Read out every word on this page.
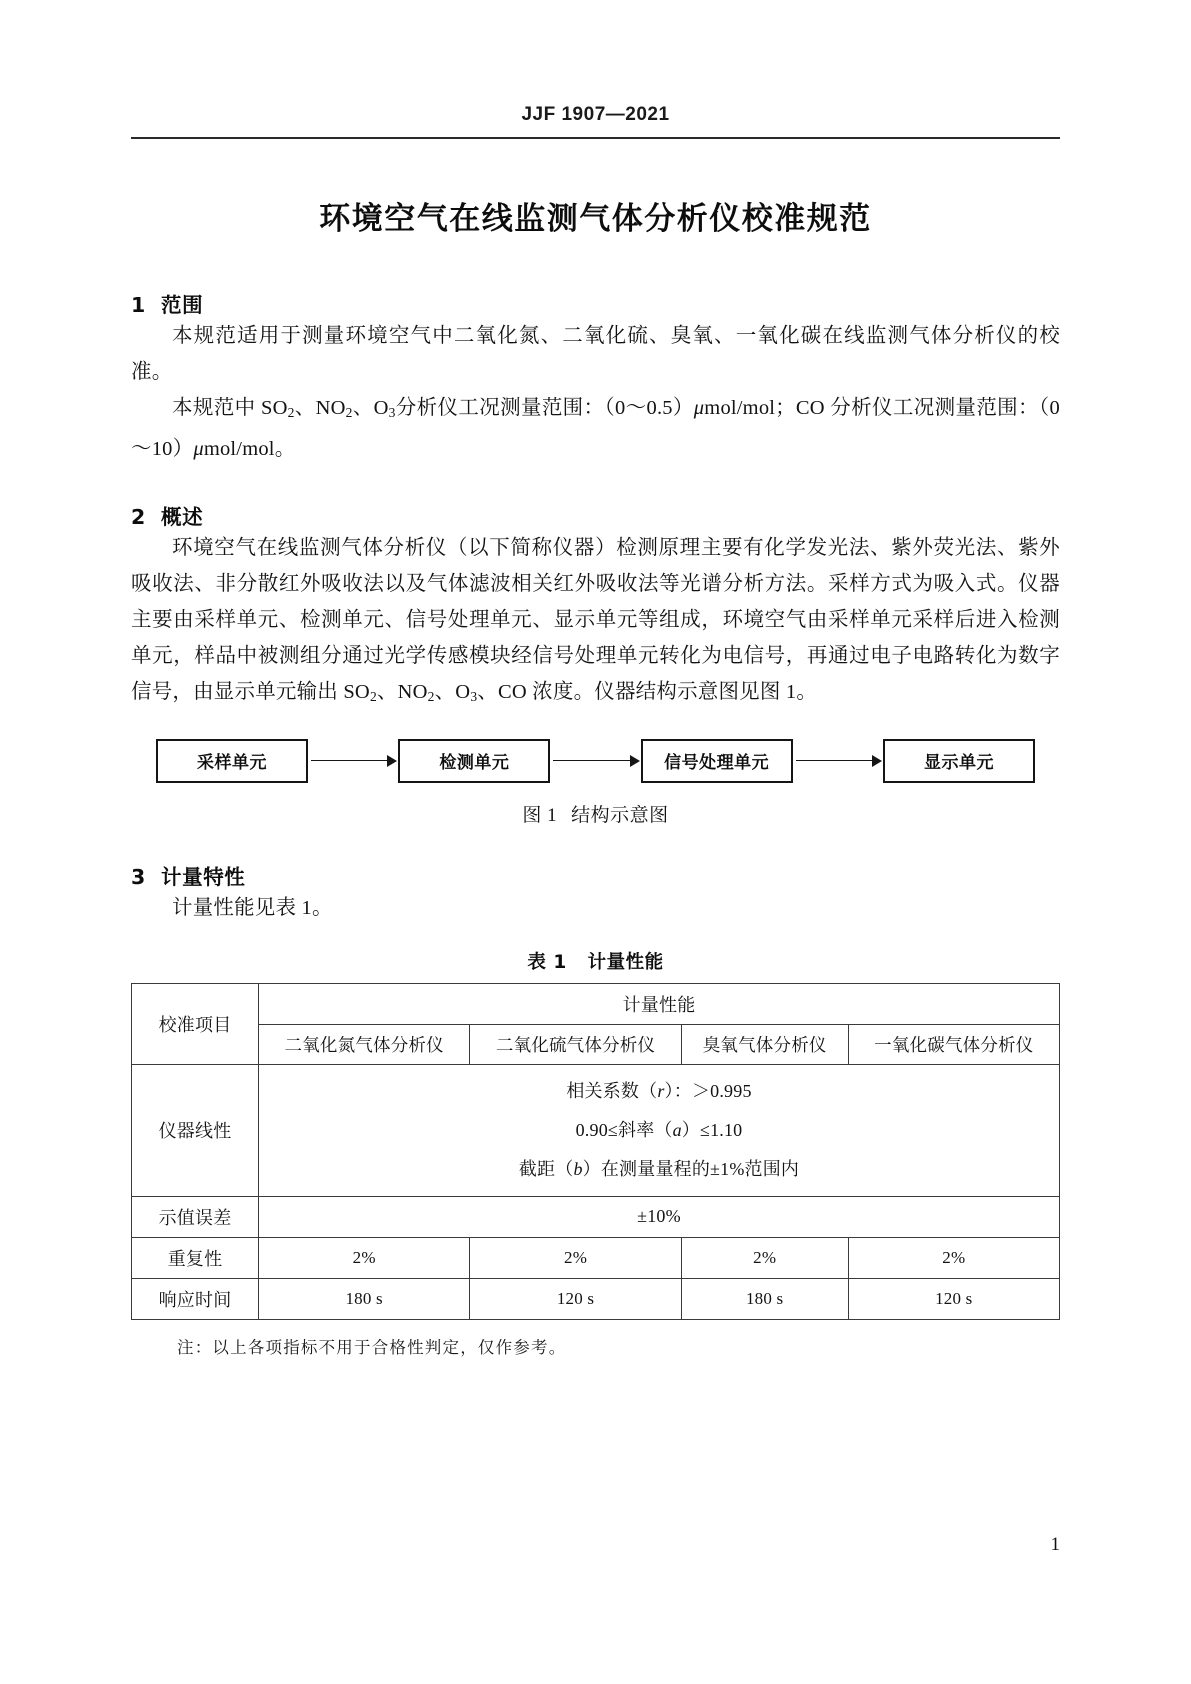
JJF 1907—2021
环境空气在线监测气体分析仪校准规范
1 范围

本规范适用于测量环境空气中二氧化氮、二氧化硫、臭氧、一氧化碳在线监测气体分析仪的校准。

本规范中 $SO_2$、$NO_2$、$O_3$分析仪工况测量范围：（0～0.5）μmol/mol；CO 分析仪工况测量范围：（0～10）μmol/mol。

2 概述

环境空气在线监测气体分析仪（以下简称仪器）检测原理主要有化学发光法、紫外荧光法、紫外吸收法、非分散红外吸收法以及气体滤波相关红外吸收法等光谱分析方法。采样方式为吸入式。仪器主要由采样单元、检测单元、信号处理单元、显示单元等组成，环境空气由采样单元采样后进入检测单元，样品中被测组分通过光学传感模块经信号处理单元转化为电信号，再通过电子电路转化为数字信号，由显示单元输出 $SO_2$、$NO_2$、$O_3$、CO 浓度。仪器结构示意图见图 1。

采样单元	检测单元	信号处理单元	显示单元
图 1 结构示意图
3 计量特性

计量性能见表 1。

表 1 计量性能
校准项目	计量性能			
	二氧化氮气体分析仪	二氧化硫气体分析仪	臭氧气体分析仪	一氧化碳气体分析仪
仪器线性	相关系数（r）：＞0.995
0.90≤斜率（a）≤1.10
截距（b）在测量量程的±1%范围内			

示值误差	±10%			
重复性	2%	2%	2%	2%
响应时间	180 s	120 s	180 s	120 s
注：以上各项指标不用于合格性判定，仅作参考。
1
